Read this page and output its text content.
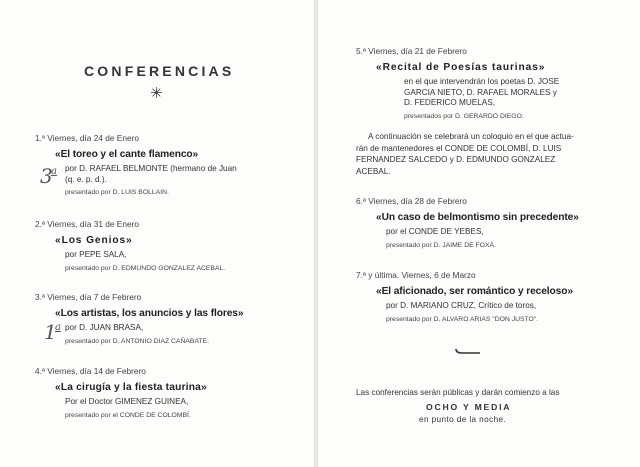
CONFERENCIAS
✳
1.ª Viernes, día 24 de Enero
«El toreo y el cante flamenco»
por D. RAFAEL BELMONTE (hermano de Juan
(q. e. p. d.).
presentado por D. LUIS BOLLAIN.
3
a
2.ª Viernes, día 31 de Enero
«Los Genios»
por PEPE SALA,
presentado por D. EDMUNDO GONZALEZ ACEBAL.
3.ª Viernes, día 7 de Febrero
«Los artistas, los anuncios y las flores»
por D. JUAN BRASA,
presentado por D. ANTONIO DIAZ CAÑABATE.
1
a
4.ª Viernes, día 14 de Febrero
«La cirugía y la fiesta taurina»
Por el Doctor GIMENEZ GUINEA,
presentado por el CONDE DE COLOMBÍ.
5.ª Viernes, día 21 de Febrero
«Recital de Poesías taurinas»
en el que intervendrán los poetas D. JOSE
GARCIA NIETO, D. RAFAEL MORALES y
D. FEDERICO MUELAS,
presentados por D. GERARDO DIEGO.
A continuación se celebrará un coloquio en el que actua-
rán de mantenedores el CONDE DE COLOMBÍ, D. LUIS
FERNANDEZ SALCEDO y D. EDMUNDO GONZALEZ
ACEBAL.
6.ª Viernes, día 28 de Febrero
«Un caso de belmontismo sin precedente»
por el CONDE DE YEBES,
presentado por D. JAIME DE FOXÁ.
7.ª y última. Viernes, 6 de Marzo
«El aficionado, ser romántico y receloso»
por D. MARIANO CRUZ, Crítico de toros,
presentado por D. ALVARO ARIAS "DON JUSTO".
Las conferencias serán públicas y darán comienzo a las
OCHO Y MEDIA
en punto de la noche.
